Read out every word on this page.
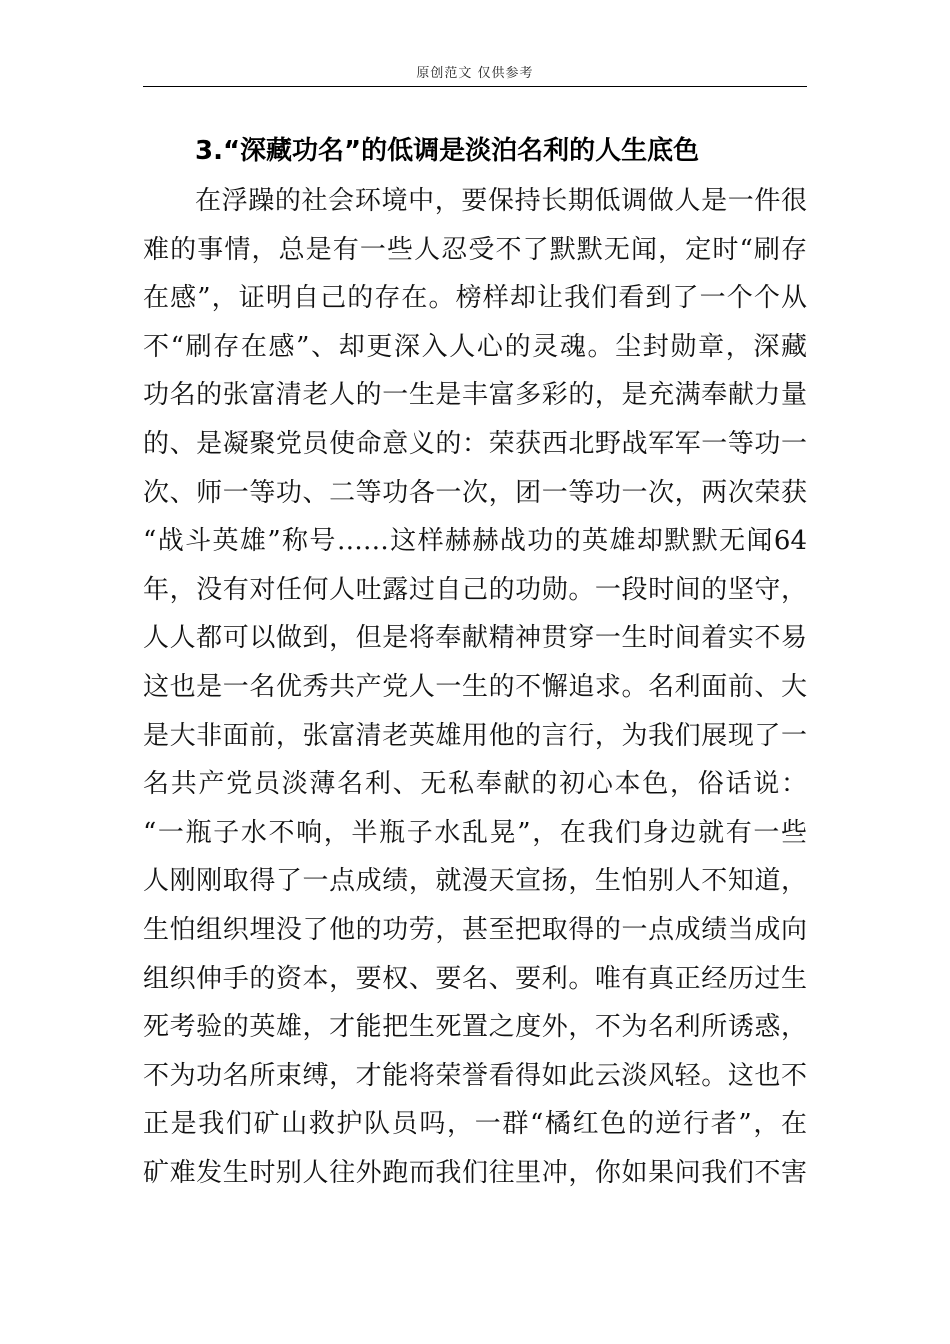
原创范文 仅供参考
3.“深藏功名”的低调是淡泊名利的人生底色
在浮躁的社会环境中，要保持长期低调做人是一件很
难的事情，总是有一些人忍受不了默默无闻，定时“刷存
在感”，证明自己的存在。榜样却让我们看到了一个个从
不“刷存在感”、却更深入人心的灵魂。尘封勋章，深藏
功名的张富清老人的一生是丰富多彩的，是充满奉献力量
的、是凝聚党员使命意义的：荣获西北野战军军一等功一
次、师一等功、二等功各一次，团一等功一次，两次荣获
“战斗英雄”称号……这样赫赫战功的英雄却默默无闻64
年，没有对任何人吐露过自己的功勋。一段时间的坚守，
人人都可以做到，但是将奉献精神贯穿一生时间着实不易
这也是一名优秀共产党人一生的不懈追求。名利面前、大
是大非面前，张富清老英雄用他的言行，为我们展现了一
名共产党员淡薄名利、无私奉献的初心本色，俗话说：
“一瓶子水不响，半瓶子水乱晃”，在我们身边就有一些
人刚刚取得了一点成绩，就漫天宣扬，生怕别人不知道，
生怕组织埋没了他的功劳，甚至把取得的一点成绩当成向
组织伸手的资本，要权、要名、要利。唯有真正经历过生
死考验的英雄，才能把生死置之度外，不为名利所诱惑，
不为功名所束缚，才能将荣誉看得如此云淡风轻。这也不
正是我们矿山救护队员吗，一群“橘红色的逆行者”，在
矿难发生时别人往外跑而我们往里冲，你如果问我们不害
